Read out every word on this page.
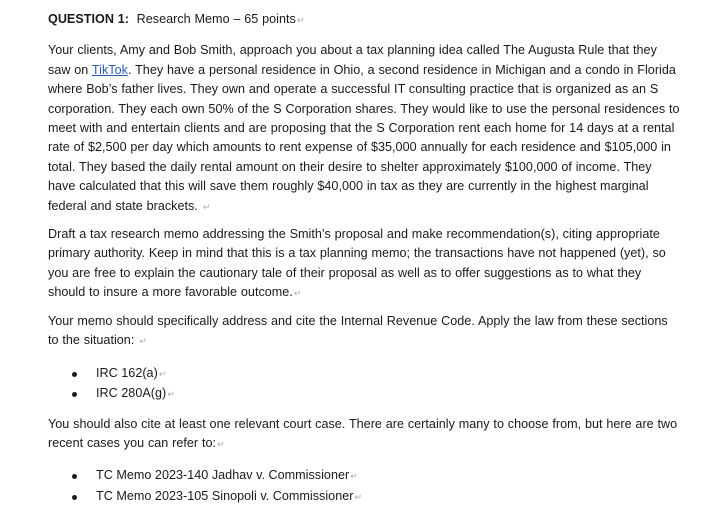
QUESTION 1: Research Memo – 65 points↵

Your clients, Amy and Bob Smith, approach you about a tax planning idea called The Augusta Rule that they saw on TikTok. They have a personal residence in Ohio, a second residence in Michigan and a condo in Florida where Bob’s father lives. They own and operate a successful IT consulting practice that is organized as an S corporation. They each own 50% of the S Corporation shares. They would like to use the personal residences to meet with and entertain clients and are proposing that the S Corporation rent each home for 14 days at a rental rate of $2,500 per day which amounts to rent expense of $35,000 annually for each residence and $105,000 in total. They based the daily rental amount on their desire to shelter approximately $100,000 of income. They have calculated that this will save them roughly $40,000 in tax as they are currently in the highest marginal federal and state brackets. ↵

Draft a tax research memo addressing the Smith’s proposal and make recommendation(s), citing appropriate primary authority. Keep in mind that this is a tax planning memo; the transactions have not happened (yet), so you are free to explain the cautionary tale of their proposal as well as to offer suggestions as to what they should to insure a more favorable outcome.↵

Your memo should specifically address and cite the Internal Revenue Code. Apply the law from these sections to the situation: ↵

IRC 162(a)↵
IRC 280A(g)↵

You should also cite at least one relevant court case. There are certainly many to choose from, but here are two recent cases you can refer to:↵

TC Memo 2023-140 Jadhav v. Commissioner↵
TC Memo 2023-105 Sinopoli v. Commissioner↵
